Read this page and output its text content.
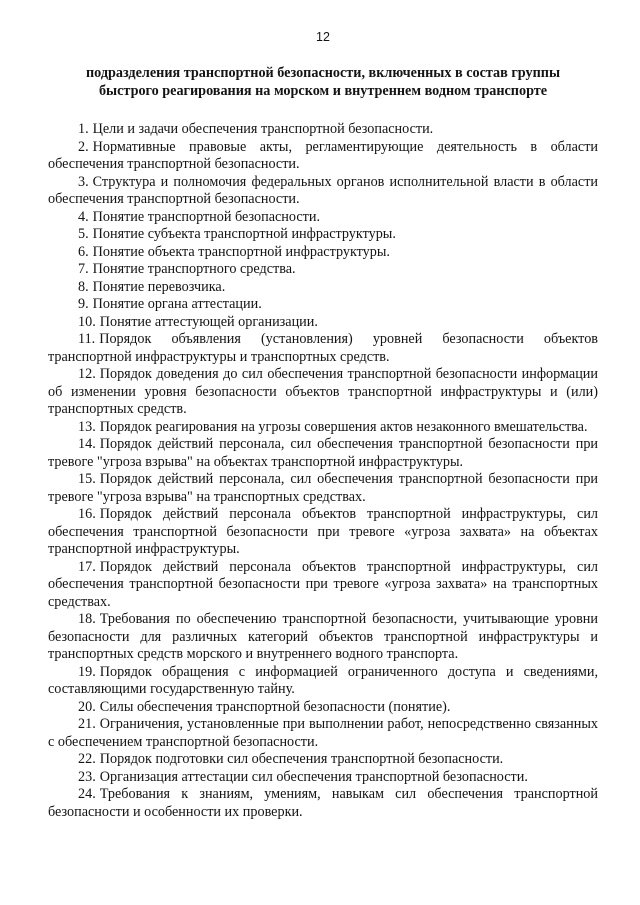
12
подразделения транспортной безопасности, включенных в состав группы
быстрого реагирования на морском и внутреннем водном транспорте

1. Цели и задачи обеспечения транспортной безопасности.

2. Нормативные правовые акты, регламентирующие деятельность в области обеспечения транспортной безопасности.

3. Структура и полномочия федеральных органов исполнительной власти в области обеспечения транспортной безопасности.

4. Понятие транспортной безопасности.

5. Понятие субъекта транспортной инфраструктуры.

6. Понятие объекта транспортной инфраструктуры.

7. Понятие транспортного средства.

8. Понятие перевозчика.

9. Понятие органа аттестации.

10. Понятие аттестующей организации.

11. Порядок объявления (установления) уровней безопасности объектов транспортной инфраструктуры и транспортных средств.

12. Порядок доведения до сил обеспечения транспортной безопасности информации об изменении уровня безопасности объектов транспортной инфраструктуры и (или) транспортных средств.

13. Порядок реагирования на угрозы совершения актов незаконного вмешательства.

14. Порядок действий персонала, сил обеспечения транспортной безопасности при тревоге "угроза взрыва" на объектах транспортной инфраструктуры.

15. Порядок действий персонала, сил обеспечения транспортной безопасности при тревоге "угроза взрыва" на транспортных средствах.

16. Порядок действий персонала объектов транспортной инфраструктуры, сил обеспечения транспортной безопасности при тревоге «угроза захвата» на объектах транспортной инфраструктуры.

17. Порядок действий персонала объектов транспортной инфраструктуры, сил обеспечения транспортной безопасности при тревоге «угроза захвата» на транспортных средствах.

18. Требования по обеспечению транспортной безопасности, учитывающие уровни безопасности для различных категорий объектов транспортной инфраструктуры и транспортных средств морского и внутреннего водного транспорта.

19. Порядок обращения с информацией ограниченного доступа и сведениями, составляющими государственную тайну.

20. Силы обеспечения транспортной безопасности (понятие).

21. Ограничения, установленные при выполнении работ, непосредственно связанных с обеспечением транспортной безопасности.

22. Порядок подготовки сил обеспечения транспортной безопасности.

23. Организация аттестации сил обеспечения транспортной безопасности.

24. Требования к знаниям, умениям, навыкам сил обеспечения транспортной безопасности и особенности их проверки.
